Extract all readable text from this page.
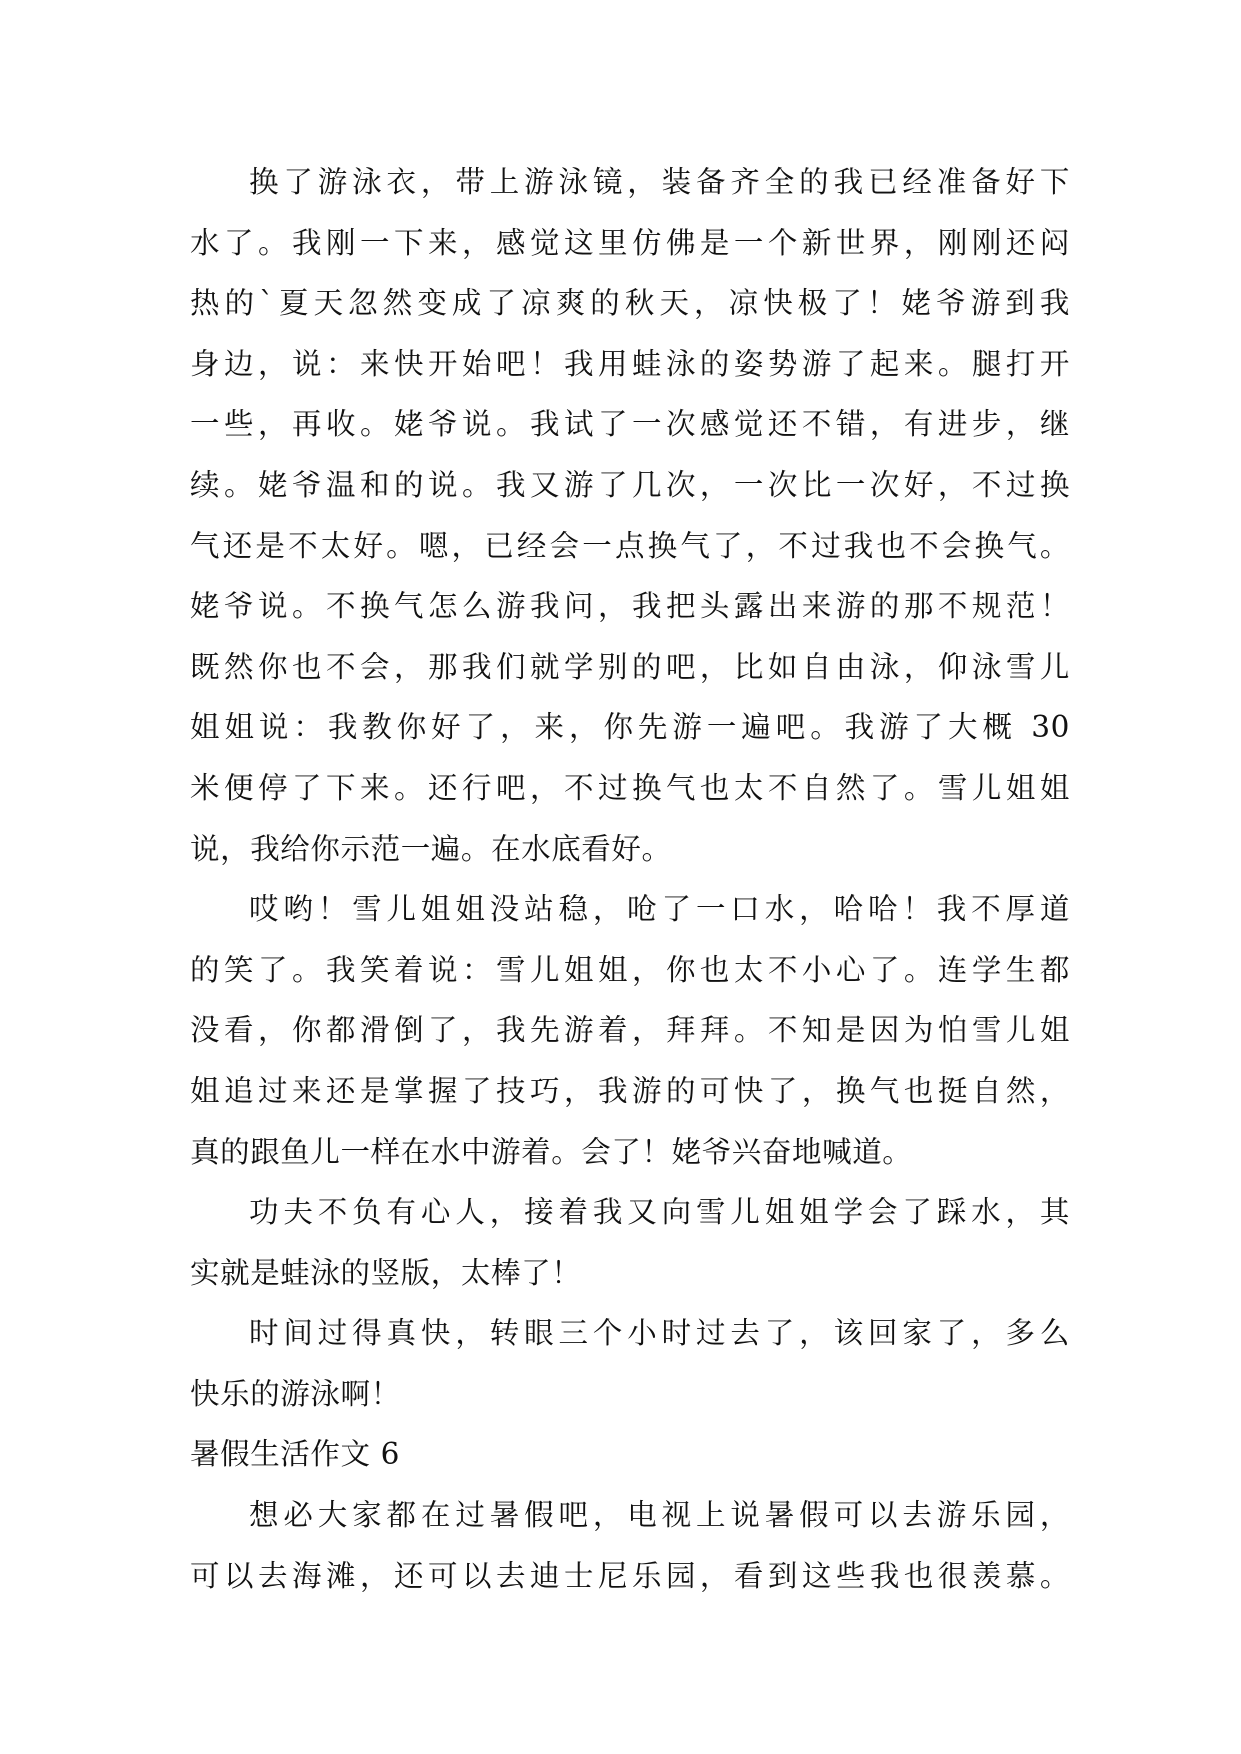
换了游泳衣，带上游泳镜，装备齐全的我已经准备好下
水了。我刚一下来，感觉这里仿佛是一个新世界，刚刚还闷
热的`夏天忽然变成了凉爽的秋天，凉快极了！姥爷游到我
身边，说：来快开始吧！我用蛙泳的姿势游了起来。腿打开
一些，再收。姥爷说。我试了一次感觉还不错，有进步，继
续。姥爷温和的说。我又游了几次，一次比一次好，不过换
气还是不太好。嗯，已经会一点换气了，不过我也不会换气。
姥爷说。不换气怎么游我问，我把头露出来游的那不规范！
既然你也不会，那我们就学别的吧，比如自由泳，仰泳雪儿
姐姐说：我教你好了，来，你先游一遍吧。我游了大概 30
米便停了下来。还行吧，不过换气也太不自然了。雪儿姐姐
说，我给你示范一遍。在水底看好。
哎哟！雪儿姐姐没站稳，呛了一口水，哈哈！我不厚道
的笑了。我笑着说：雪儿姐姐，你也太不小心了。连学生都
没看，你都滑倒了，我先游着，拜拜。不知是因为怕雪儿姐
姐追过来还是掌握了技巧，我游的可快了，换气也挺自然，
真的跟鱼儿一样在水中游着。会了！姥爷兴奋地喊道。
功夫不负有心人，接着我又向雪儿姐姐学会了踩水，其
实就是蛙泳的竖版，太棒了！
时间过得真快，转眼三个小时过去了，该回家了，多么
快乐的游泳啊！
暑假生活作文 6
想必大家都在过暑假吧，电视上说暑假可以去游乐园，
可以去海滩，还可以去迪士尼乐园，看到这些我也很羡慕。
